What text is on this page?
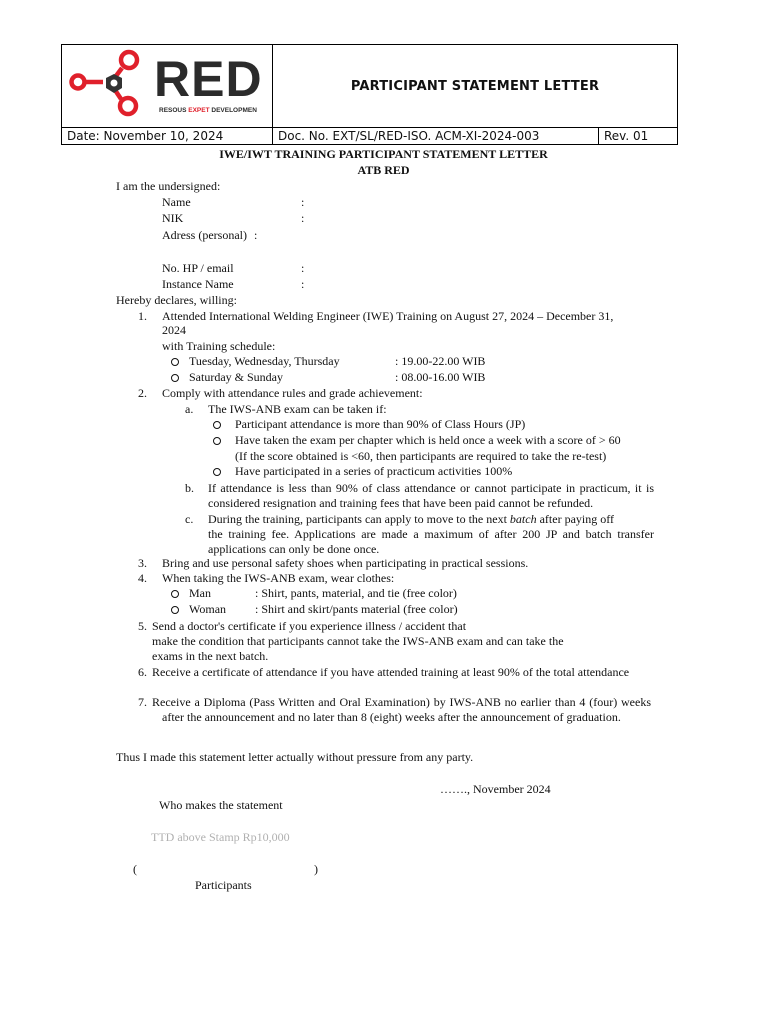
PARTICIPANT STATEMENT LETTER
Date: November 10, 2024	Doc. No. EXT/SL/RED-ISO. ACM-XI-2024-003	Rev. 01
RED
RESOUS EXPET DEVELOPMEN
IWE/IWT TRAINING PARTICIPANT STATEMENT LETTER
ATB RED
I am the undersigned:
Name	:
NIK	:
Adress (personal) :
No. HP / email	:
Instance Name	:
Hereby declares, willing:
1. Attended International Welding Engineer (IWE) Training on August 27, 2024 – December 31,
2024
with Training schedule:
Tuesday, Wednesday, Thursday	: 19.00-22.00 WIB
Saturday & Sunday	: 08.00-16.00 WIB
2. Comply with attendance rules and grade achievement:
a. The IWS-ANB exam can be taken if:
Participant attendance is more than 90% of Class Hours (JP)
Have taken the exam per chapter which is held once a week with a score of > 60
(If the score obtained is <60, then participants are required to take the re-test)
Have participated in a series of practicum activities 100%
b. If attendance is less than 90% of class attendance or cannot participate in practicum, it is considered resignation and training fees that have been paid cannot be refunded.
c. During the training, participants can apply to move to the next batch after paying off
the training fee. Applications are made a maximum of after 200 JP and batch transfer applications can only be done once.
3. Bring and use personal safety shoes when participating in practical sessions.
4. When taking the IWS-ANB exam, wear clothes:
Man	: Shirt, pants, material, and tie (free color)
Woman : Shirt and skirt/pants material (free color)
5. Send a doctor's certificate if you experience illness / accident that
make the condition that participants cannot take the IWS-ANB exam and can take the
exams in the next batch.
6. Receive a certificate of attendance if you have attended training at least 90% of the total attendance
7. Receive a Diploma (Pass Written and Oral Examination) by IWS-ANB no earlier than 4 (four) weeks after the announcement and no later than 8 (eight) weeks after the announcement of graduation.
Thus I made this statement letter actually without pressure from any party.
……., November 2024
Who makes the statement
TTD above Stamp Rp10,000
(	)
Participants
